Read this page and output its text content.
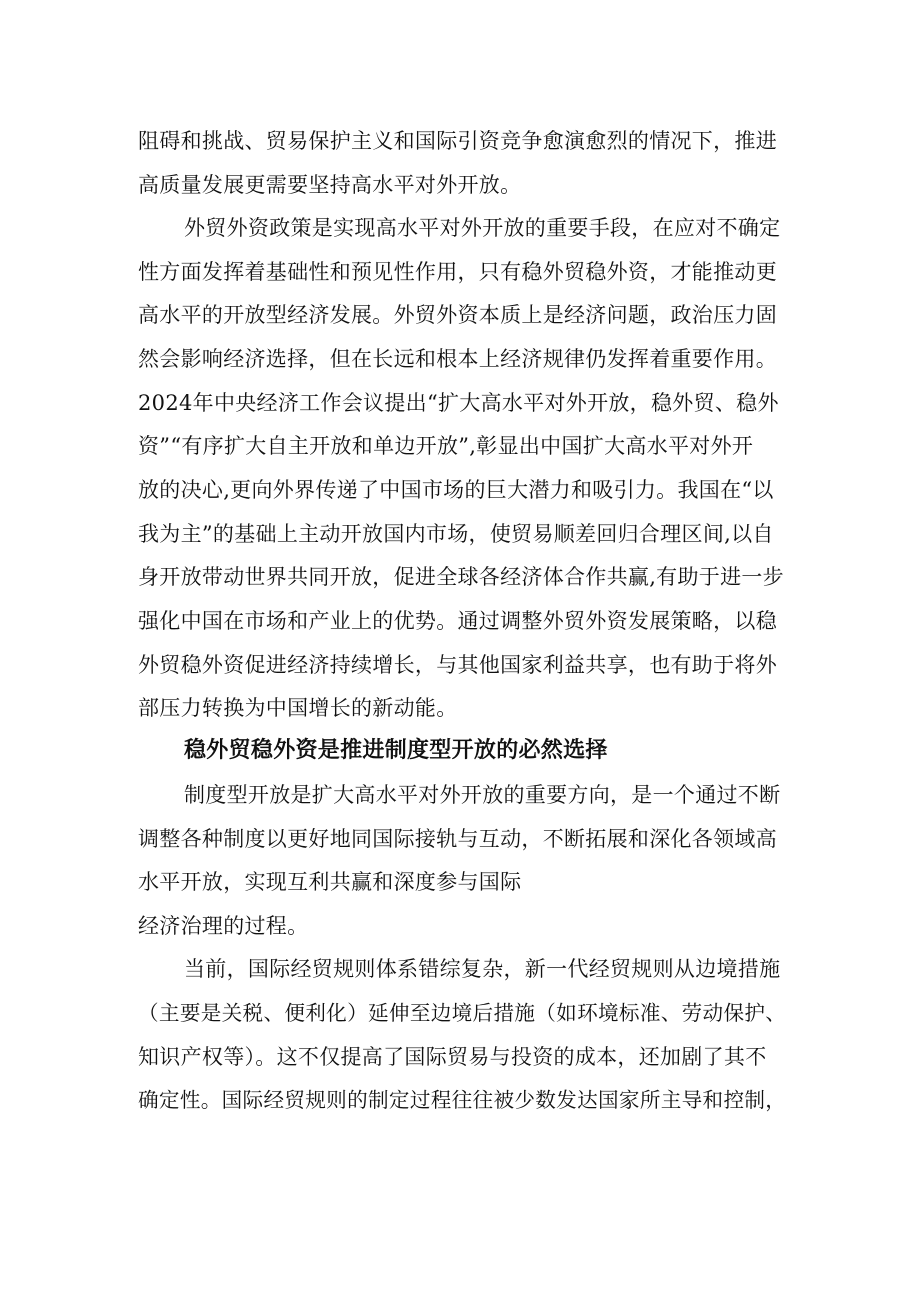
阻碍和挑战、贸易保护主义和国际引资竞争愈演愈烈的情况下，推进

高质量发展更需要坚持高水平对外开放。

外贸外资政策是实现高水平对外开放的重要手段，在应对不确定

性方面发挥着基础性和预见性作用，只有稳外贸稳外资，才能推动更

高水平的开放型经济发展。外贸外资本质上是经济问题，政治压力固

然会影响经济选择，但在长远和根本上经济规律仍发挥着重要作用。

2024年中央经济工作会议提出“扩大高水平对外开放，稳外贸、稳外

资”“有序扩大自主开放和单边开放”,彰显出中国扩大高水平对外开

放的决心,更向外界传递了中国市场的巨大潜力和吸引力。我国在“以

我为主”的基础上主动开放国内市场，使贸易顺差回归合理区间,以自

身开放带动世界共同开放，促进全球各经济体合作共赢,有助于进一步

强化中国在市场和产业上的优势。通过调整外贸外资发展策略，以稳

外贸稳外资促进经济持续增长，与其他国家利益共享，也有助于将外

部压力转换为中国增长的新动能。

稳外贸稳外资是推进制度型开放的必然选择

制度型开放是扩大高水平对外开放的重要方向，是一个通过不断

调整各种制度以更好地同国际接轨与互动，不断拓展和深化各领域高

水平开放，实现互利共赢和深度参与国际

经济治理的过程。

当前，国际经贸规则体系错综复杂，新一代经贸规则从边境措施

（主要是关税、便利化）延伸至边境后措施（如环境标准、劳动保护、

知识产权等）。这不仅提高了国际贸易与投资的成本，还加剧了其不

确定性。国际经贸规则的制定过程往往被少数发达国家所主导和控制，
